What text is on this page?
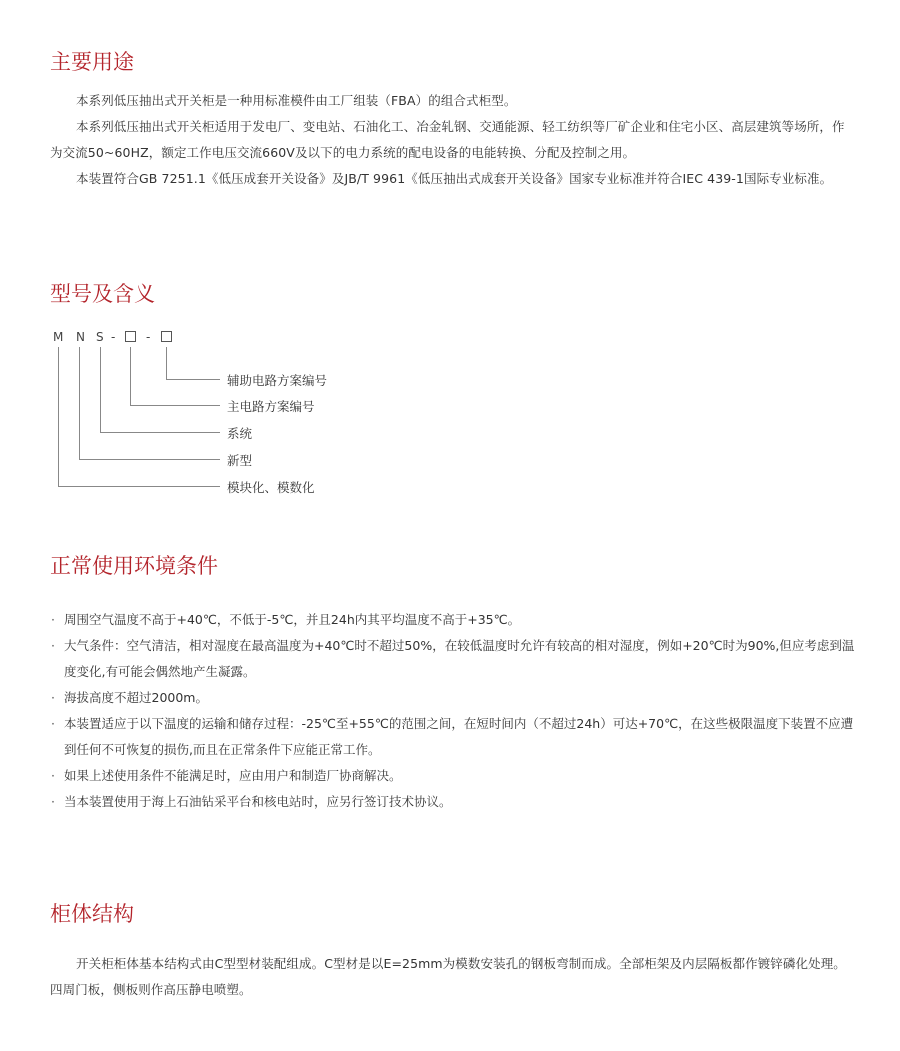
主要用途

本系列低压抽出式开关柜是一种用标准模件由工厂组装（FBA）的组合式柜型。

本系列低压抽出式开关柜适用于发电厂、变电站、石油化工、冶金轧钢、交通能源、轻工纺织等厂矿企业和住宅小区、高层建筑等场所，作为交流50~60HZ，额定工作电压交流660V及以下的电力系统的配电设备的电能转换、分配及控制之用。

本装置符合GB 7251.1《低压成套开关设备》及JB/T 9961《低压抽出式成套开关设备》国家专业标准并符合IEC 439-1国际专业标准。

型号及含义
M N S -	-
辅助电路方案编号
主电路方案编号
系统
新型
模块化、模数化
正常使用环境条件
· 周围空气温度不高于+40℃，不低于-5℃，并且24h内其平均温度不高于+35℃。
· 大气条件：空气清洁，相对湿度在最高温度为+40℃时不超过50%，在较低温度时允许有较高的相对湿度，例如+20℃时为90%,但应考虑到温度变化,有可能会偶然地产生凝露。
· 海拔高度不超过2000m。
· 本装置适应于以下温度的运输和储存过程：-25℃至+55℃的范围之间，在短时间内（不超过24h）可达+70℃，在这些极限温度下装置不应遭到任何不可恢复的损伤,而且在正常条件下应能正常工作。
· 如果上述使用条件不能满足时，应由用户和制造厂协商解决。
· 当本装置使用于海上石油钻采平台和核电站时，应另行签订技术协议。
柜体结构

开关柜柜体基本结构式由C型型材装配组成。C型材是以E=25mm为模数安装孔的钢板弯制而成。全部柜架及内层隔板都作镀锌磷化处理。四周门板，侧板则作高压静电喷塑。
